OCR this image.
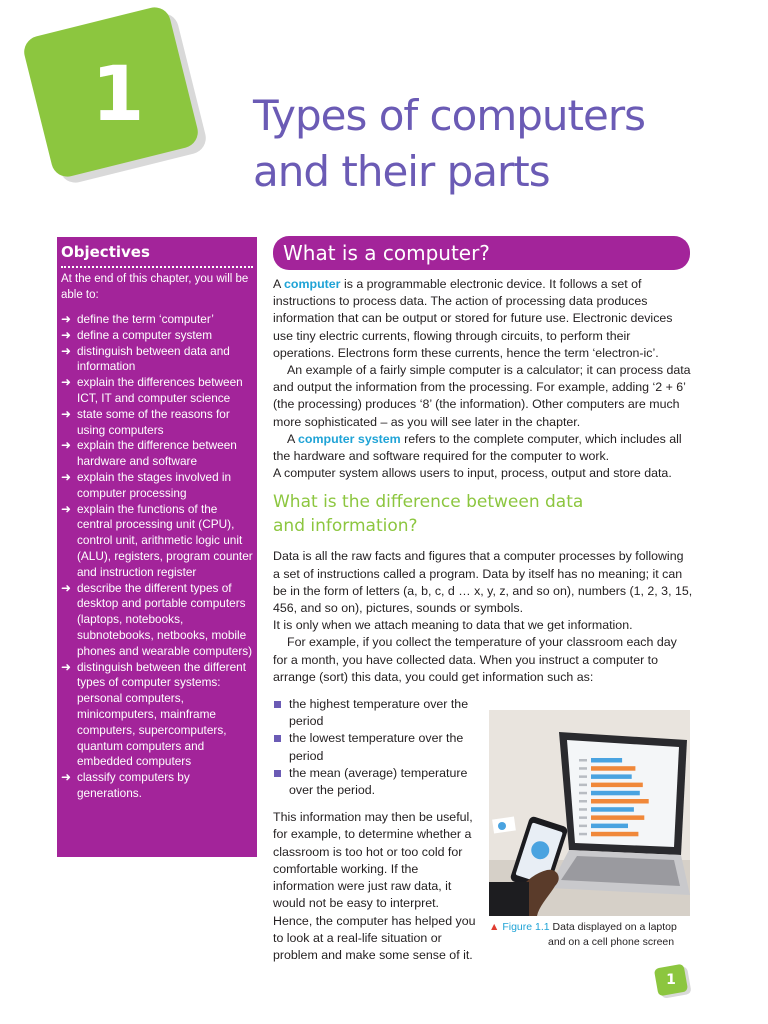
1	Types of computers
and their parts
Objectives
At the end of this chapter, you will be able to:
➜ define the term ‘computer’
➜ define a computer system
➜ distinguish between data and information
➜ explain the differences between ICT, IT and computer science
➜ state some of the reasons for using computers
➜ explain the difference between hardware and software
➜ explain the stages involved in computer processing
➜ explain the functions of the central processing unit (CPU), control unit, arithmetic logic unit (ALU), registers, program counter and instruction register
➜ describe the different types of desktop and portable computers (laptops, notebooks, subnotebooks, netbooks, mobile phones and wearable computers)
➜ distinguish between the different types of computer systems: personal computers, minicomputers, mainframe computers, supercomputers, quantum computers and embedded computers
➜ classify computers by generations.
What is a computer?

A computer is a programmable electronic device. It follows a set of instructions to process data. The action of processing data produces information that can be output or stored for future use. Electronic devices use tiny electric currents, flowing through circuits, to perform their operations. Electrons form these currents, hence the term ‘electron-ic’.

An example of a fairly simple computer is a calculator; it can process data and output the information from the processing. For example, adding ‘2 + 6’ (the processing) produces ‘8’ (the information). Other computers are much more sophisticated – as you will see later in the chapter.

A computer system refers to the complete computer, which includes all the hardware and software required for the computer to work.

A computer system allows users to input, process, output and store data.

What is the difference between data and information?

Data is all the raw facts and figures that a computer processes by following a set of instructions called a program. Data by itself has no meaning; it can be in the form of letters (a, b, c, d … x, y, z, and so on), numbers (1, 2, 3, 15, 456, and so on), pictures, sounds or symbols.

It is only when we attach meaning to data that we get information.

For example, if you collect the temperature of your classroom each day for a month, you have collected data. When you instruct a computer to arrange (sort) this data, you could get information such as:

the highest temperature over the period
the lowest temperature over the period
the mean (average) temperature over the period.

This information may then be useful, for example, to determine whether a classroom is too hot or too cold for comfortable working. If the information were just raw data, it would not be easy to interpret. Hence, the computer has helped you to look at a real-life situation or problem and make some sense of it.

▲ Figure 1.1 Data displayed on a laptop
and on a cell phone screen
1
